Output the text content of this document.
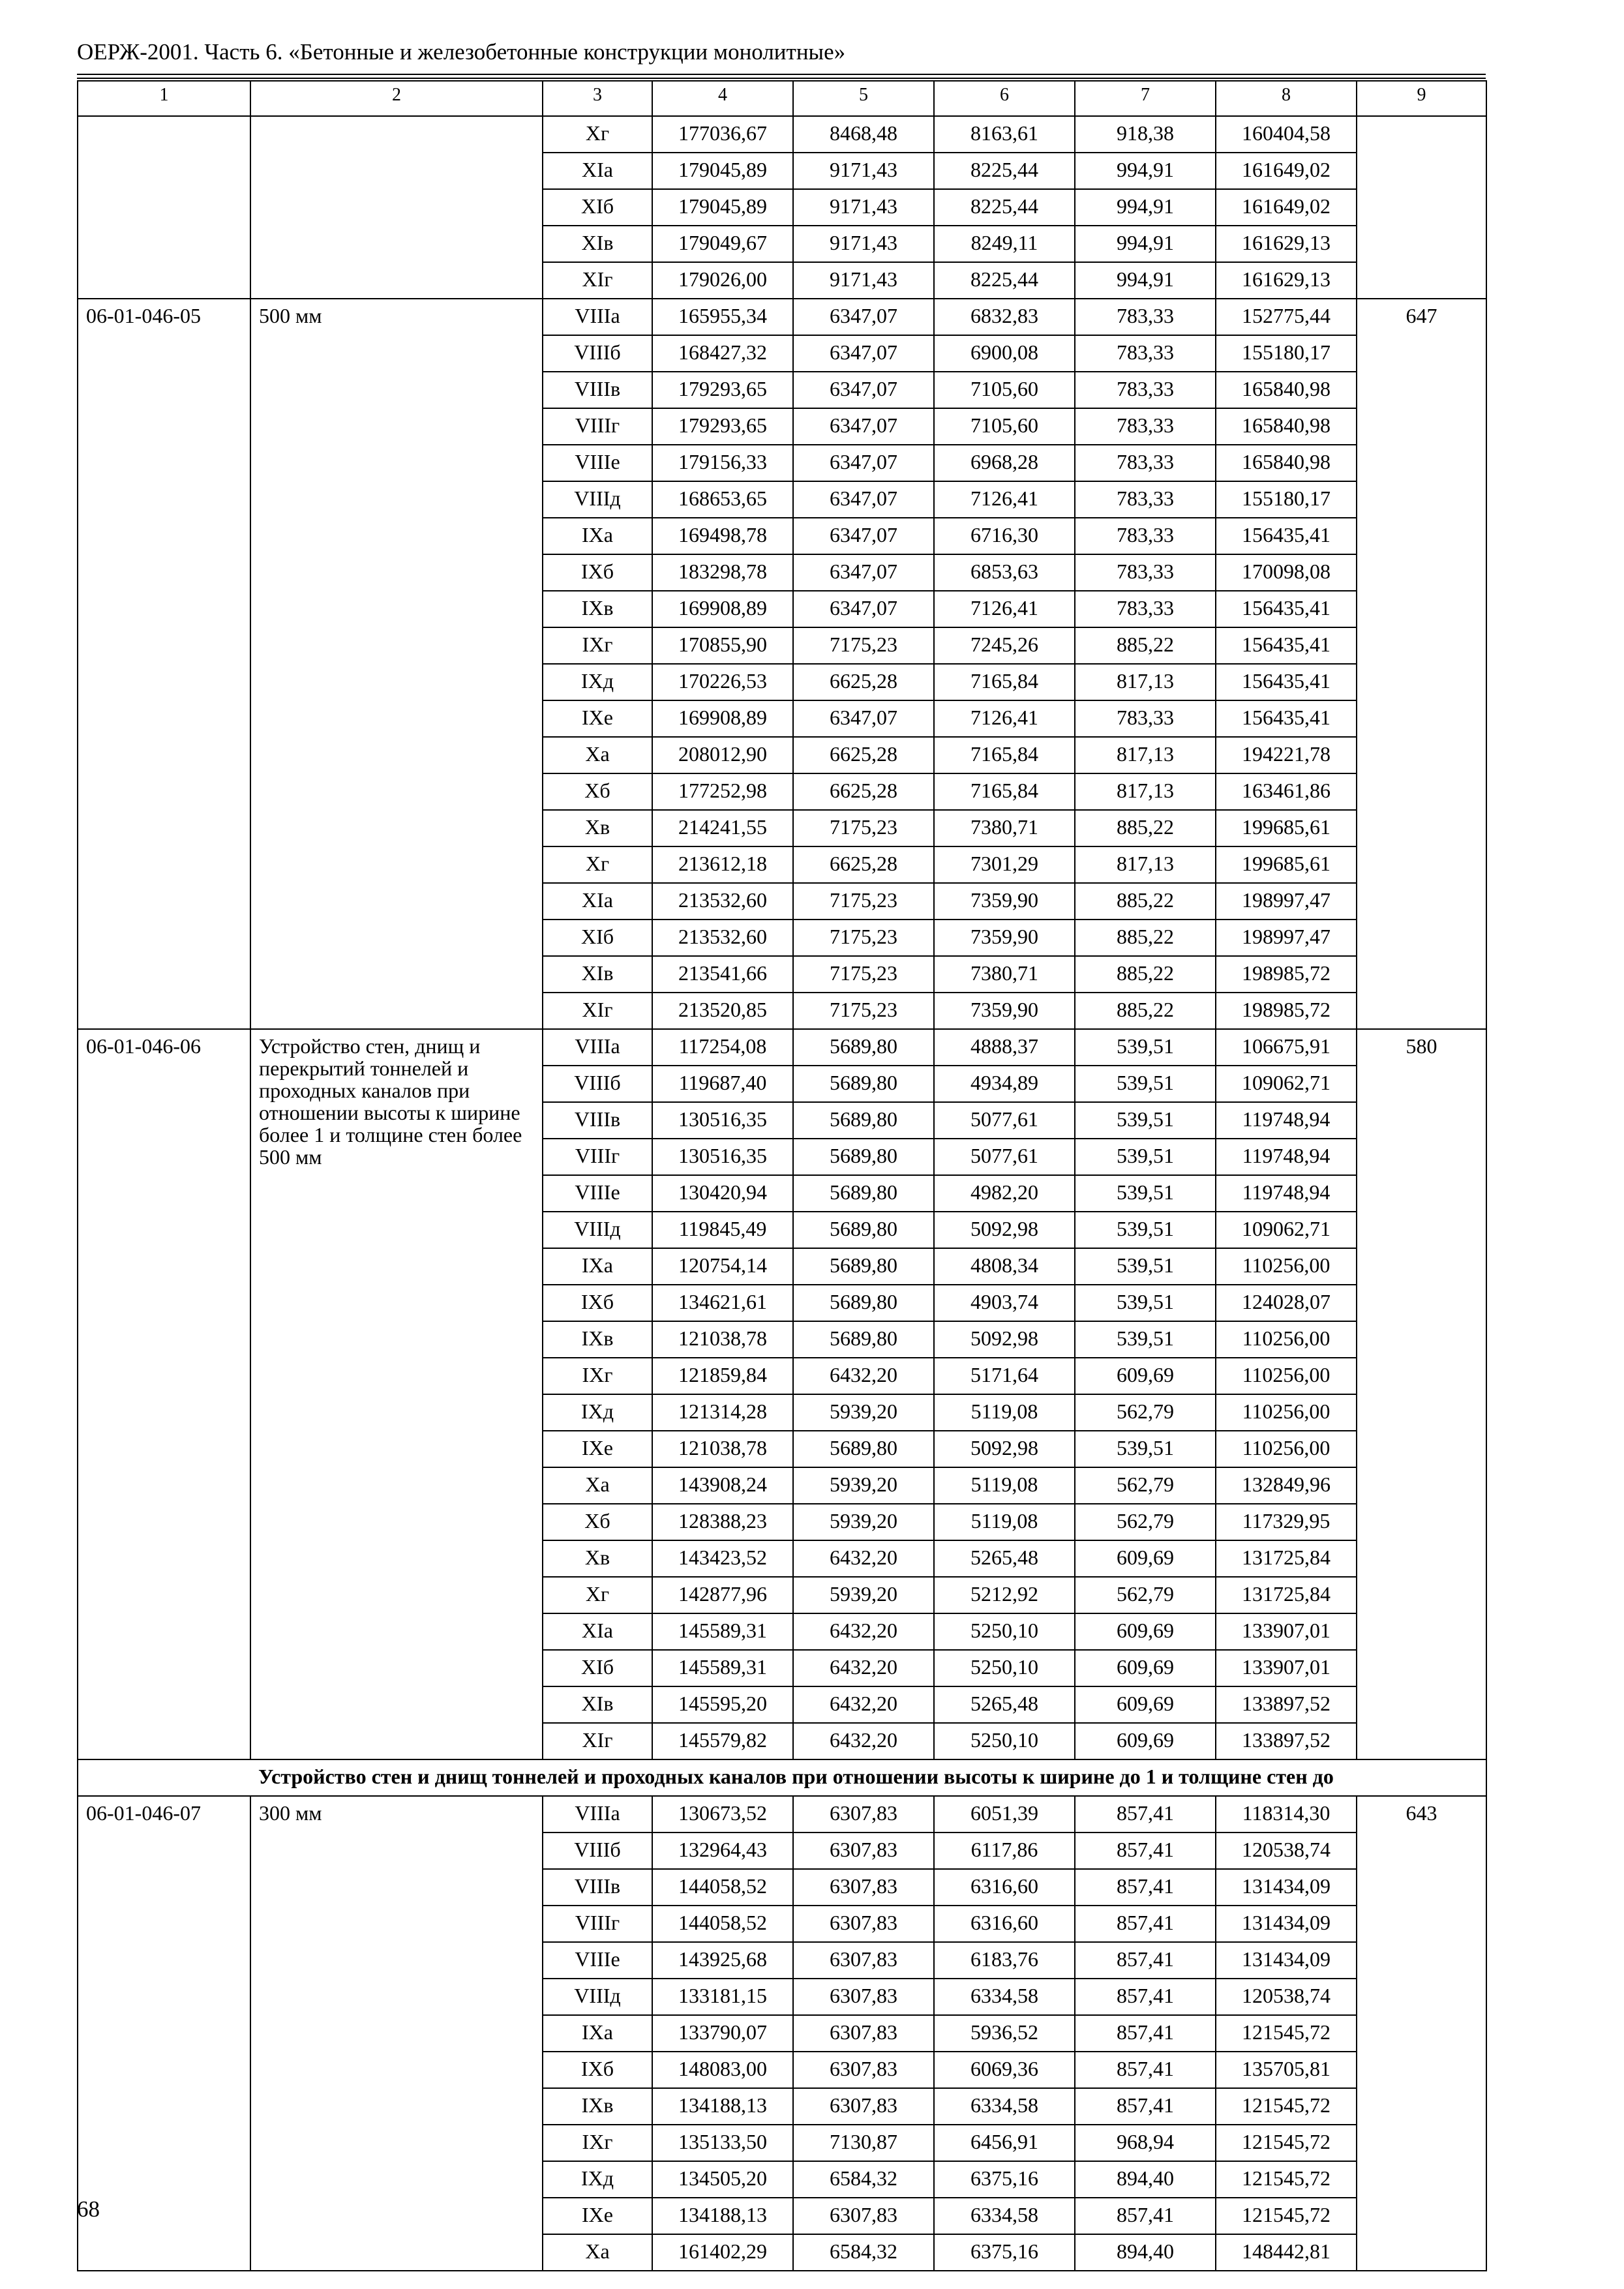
ОЕРЖ-2001. Часть 6. «Бетонные и железобетонные конструкции монолитные»
1	2	3	4	5	6	7	8	9
		Xг	177036,67	8468,48	8163,61	918,38	160404,58	
		XIа	179045,89	9171,43	8225,44	994,91	161649,02	
		XIб	179045,89	9171,43	8225,44	994,91	161649,02	
		XIв	179049,67	9171,43	8249,11	994,91	161629,13	
		XIг	179026,00	9171,43	8225,44	994,91	161629,13	
06-01-046-05	500 мм	VIIIа	165955,34	6347,07	6832,83	783,33	152775,44	647
		VIIIб	168427,32	6347,07	6900,08	783,33	155180,17	
		VIIIв	179293,65	6347,07	7105,60	783,33	165840,98	
		VIIIг	179293,65	6347,07	7105,60	783,33	165840,98	
		VIIIе	179156,33	6347,07	6968,28	783,33	165840,98	
		VIIIд	168653,65	6347,07	7126,41	783,33	155180,17	
		IXа	169498,78	6347,07	6716,30	783,33	156435,41	
		IXб	183298,78	6347,07	6853,63	783,33	170098,08	
		IXв	169908,89	6347,07	7126,41	783,33	156435,41	
		IXг	170855,90	7175,23	7245,26	885,22	156435,41	
		IXд	170226,53	6625,28	7165,84	817,13	156435,41	
		IXе	169908,89	6347,07	7126,41	783,33	156435,41	
		Xа	208012,90	6625,28	7165,84	817,13	194221,78	
		Xб	177252,98	6625,28	7165,84	817,13	163461,86	
		Xв	214241,55	7175,23	7380,71	885,22	199685,61	
		Xг	213612,18	6625,28	7301,29	817,13	199685,61	
		XIа	213532,60	7175,23	7359,90	885,22	198997,47	
		XIб	213532,60	7175,23	7359,90	885,22	198997,47	
		XIв	213541,66	7175,23	7380,71	885,22	198985,72	
		XIг	213520,85	7175,23	7359,90	885,22	198985,72	
06-01-046-06	Устройство стен, днищ и перекрытий тоннелей и проходных каналов при отношении высоты к ширине более 1 и толщине стен более 500 мм	VIIIа	117254,08	5689,80	4888,37	539,51	106675,91	580
		VIIIб	119687,40	5689,80	4934,89	539,51	109062,71	
		VIIIв	130516,35	5689,80	5077,61	539,51	119748,94	
		VIIIг	130516,35	5689,80	5077,61	539,51	119748,94	
		VIIIе	130420,94	5689,80	4982,20	539,51	119748,94	
		VIIIд	119845,49	5689,80	5092,98	539,51	109062,71	
		IXа	120754,14	5689,80	4808,34	539,51	110256,00	
		IXб	134621,61	5689,80	4903,74	539,51	124028,07	
		IXв	121038,78	5689,80	5092,98	539,51	110256,00	
		IXг	121859,84	6432,20	5171,64	609,69	110256,00	
		IXд	121314,28	5939,20	5119,08	562,79	110256,00	
		IXе	121038,78	5689,80	5092,98	539,51	110256,00	
		Xа	143908,24	5939,20	5119,08	562,79	132849,96	
		Xб	128388,23	5939,20	5119,08	562,79	117329,95	
		Xв	143423,52	6432,20	5265,48	609,69	131725,84	
		Xг	142877,96	5939,20	5212,92	562,79	131725,84	
		XIа	145589,31	6432,20	5250,10	609,69	133907,01	
		XIб	145589,31	6432,20	5250,10	609,69	133907,01	
		XIв	145595,20	6432,20	5265,48	609,69	133897,52	
		XIг	145579,82	6432,20	5250,10	609,69	133897,52	
	Устройство стен и днищ тоннелей и проходных каналов при отношении высоты к ширине до 1 и толщине стен до							
06-01-046-07	300 мм	VIIIа	130673,52	6307,83	6051,39	857,41	118314,30	643
		VIIIб	132964,43	6307,83	6117,86	857,41	120538,74	
		VIIIв	144058,52	6307,83	6316,60	857,41	131434,09	
		VIIIг	144058,52	6307,83	6316,60	857,41	131434,09	
		VIIIе	143925,68	6307,83	6183,76	857,41	131434,09	
		VIIIд	133181,15	6307,83	6334,58	857,41	120538,74	
		IXа	133790,07	6307,83	5936,52	857,41	121545,72	
		IXб	148083,00	6307,83	6069,36	857,41	135705,81	
		IXв	134188,13	6307,83	6334,58	857,41	121545,72	
		IXг	135133,50	7130,87	6456,91	968,94	121545,72	
		IXд	134505,20	6584,32	6375,16	894,40	121545,72	
		IXе	134188,13	6307,83	6334,58	857,41	121545,72	
		Xа	161402,29	6584,32	6375,16	894,40	148442,81	
68
